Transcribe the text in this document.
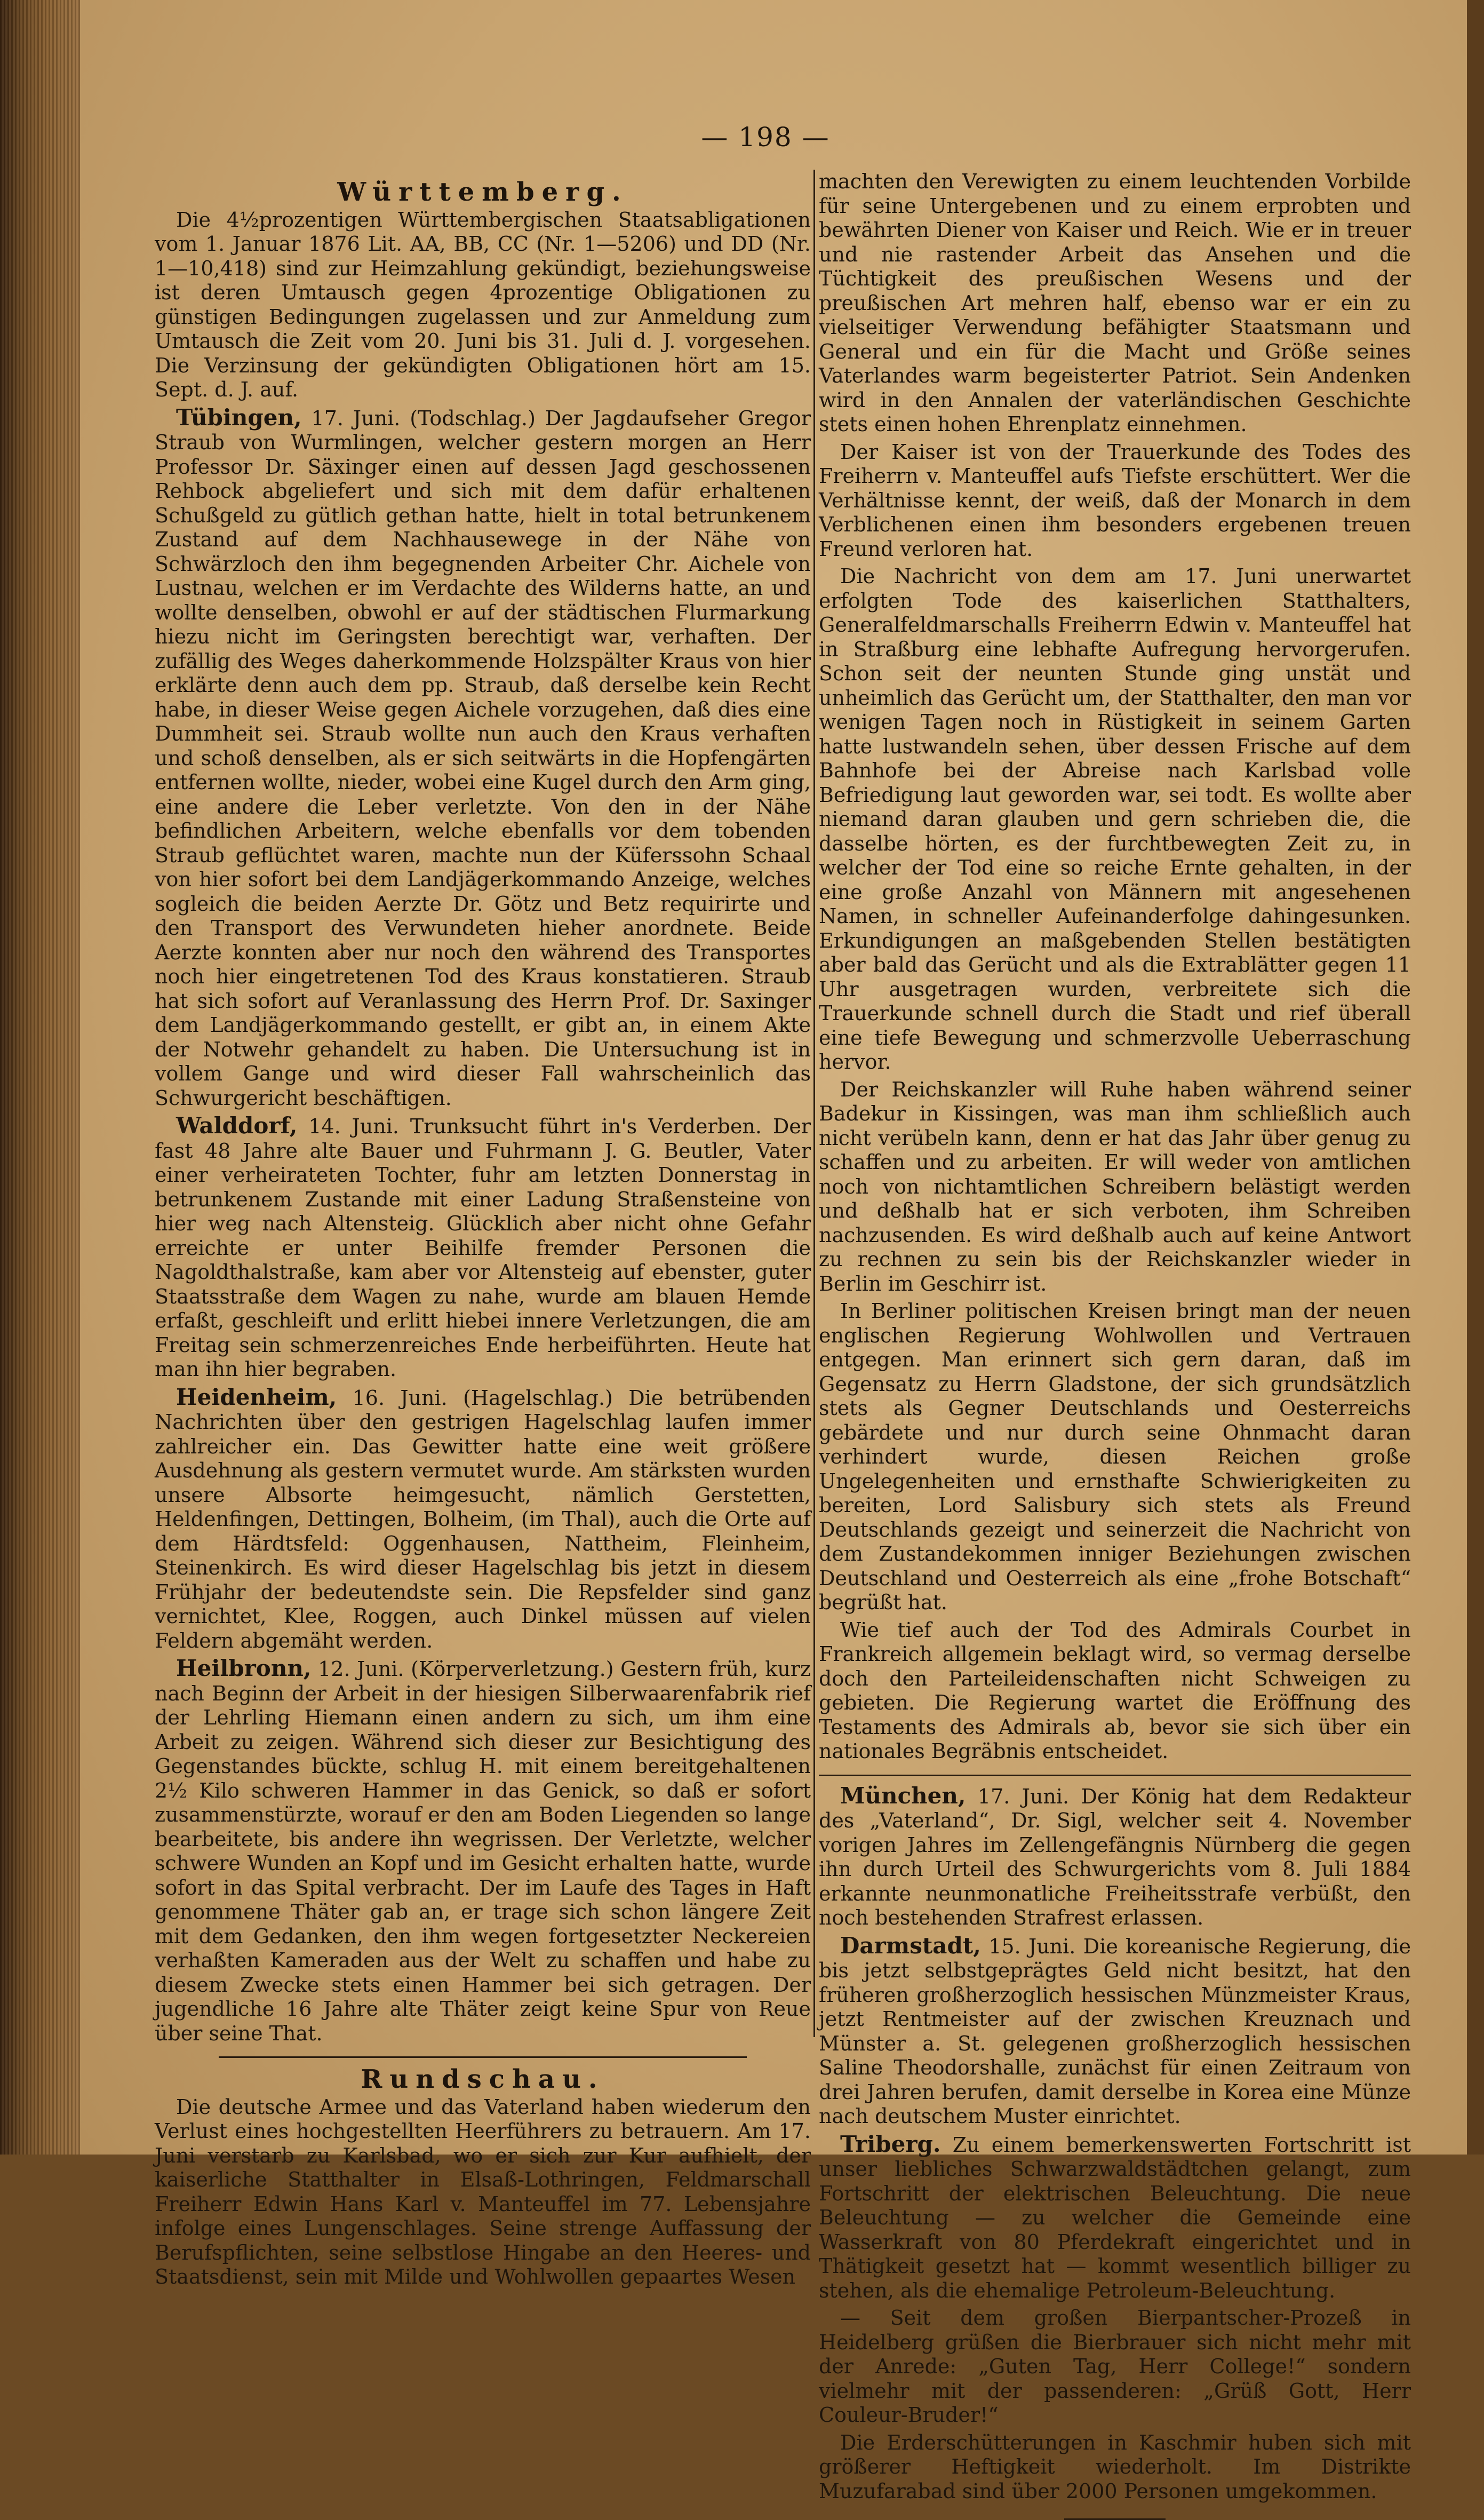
— 198 —
Württemberg.

Die 4½prozentigen Württembergischen Staatsabligationen vom 1. Januar 1876 Lit. AA, BB, CC (Nr. 1—5206) und DD (Nr. 1—10,418) sind zur Heimzahlung gekündigt, beziehungsweise ist deren Umtausch gegen 4prozentige Obligationen zu günstigen Bedingungen zugelassen und zur Anmeldung zum Umtausch die Zeit vom 20. Juni bis 31. Juli d. J. vorgesehen. Die Verzinsung der gekündigten Obligationen hört am 15. Sept. d. J. auf.

Tübingen, 17. Juni. (Todschlag.) Der Jagdaufseher Gregor Straub von Wurmlingen, welcher gestern morgen an Herr Professor Dr. Säxinger einen auf dessen Jagd geschossenen Rehbock abgeliefert und sich mit dem dafür erhaltenen Schußgeld zu gütlich gethan hatte, hielt in total betrunkenem Zustand auf dem Nachhausewege in der Nähe von Schwärzloch den ihm begegnenden Arbeiter Chr. Aichele von Lustnau, welchen er im Verdachte des Wilderns hatte, an und wollte denselben, obwohl er auf der städtischen Flurmarkung hiezu nicht im Geringsten berechtigt war, verhaften. Der zufällig des Weges daherkommende Holzspälter Kraus von hier erklärte denn auch dem pp. Straub, daß derselbe kein Recht habe, in dieser Weise gegen Aichele vorzugehen, daß dies eine Dummheit sei. Straub wollte nun auch den Kraus verhaften und schoß denselben, als er sich seitwärts in die Hopfengärten entfernen wollte, nieder, wobei eine Kugel durch den Arm ging, eine andere die Leber verletzte. Von den in der Nähe befindlichen Arbeitern, welche ebenfalls vor dem tobenden Straub geflüchtet waren, machte nun der Küferssohn Schaal von hier sofort bei dem Landjägerkommando Anzeige, welches sogleich die beiden Aerzte Dr. Götz und Betz requirirte und den Transport des Verwundeten hieher anordnete. Beide Aerzte konnten aber nur noch den während des Transportes noch hier eingetretenen Tod des Kraus konstatieren. Straub hat sich sofort auf Veranlassung des Herrn Prof. Dr. Saxinger dem Landjägerkommando gestellt, er gibt an, in einem Akte der Notwehr gehandelt zu haben. Die Untersuchung ist in vollem Gange und wird dieser Fall wahrscheinlich das Schwurgericht beschäftigen.

Walddorf, 14. Juni. Trunksucht führt in's Verderben. Der fast 48 Jahre alte Bauer und Fuhrmann J. G. Beutler, Vater einer verheirateten Tochter, fuhr am letzten Donnerstag in betrunkenem Zustande mit einer Ladung Straßensteine von hier weg nach Altensteig. Glücklich aber nicht ohne Gefahr erreichte er unter Beihilfe fremder Personen die Nagoldthalstraße, kam aber vor Altensteig auf ebenster, guter Staatsstraße dem Wagen zu nahe, wurde am blauen Hemde erfaßt, geschleift und erlitt hiebei innere Verletzungen, die am Freitag sein schmerzenreiches Ende herbeiführten. Heute hat man ihn hier begraben.

Heidenheim, 16. Juni. (Hagelschlag.) Die betrübenden Nachrichten über den gestrigen Hagelschlag laufen immer zahlreicher ein. Das Gewitter hatte eine weit größere Ausdehnung als gestern vermutet wurde. Am stärksten wurden unsere Albsorte heimgesucht, nämlich Gerstetten, Heldenfingen, Dettingen, Bolheim, (im Thal), auch die Orte auf dem Härdtsfeld: Oggenhausen, Nattheim, Fleinheim, Steinenkirch. Es wird dieser Hagelschlag bis jetzt in diesem Frühjahr der bedeutendste sein. Die Repsfelder sind ganz vernichtet, Klee, Roggen, auch Dinkel müssen auf vielen Feldern abgemäht werden.

Heilbronn, 12. Juni. (Körperverletzung.) Gestern früh, kurz nach Beginn der Arbeit in der hiesigen Silberwaarenfabrik rief der Lehrling Hiemann einen andern zu sich, um ihm eine Arbeit zu zeigen. Während sich dieser zur Besichtigung des Gegenstandes bückte, schlug H. mit einem bereitgehaltenen 2½ Kilo schweren Hammer in das Genick, so daß er sofort zusammenstürzte, worauf er den am Boden Liegenden so lange bearbeitete, bis andere ihn wegrissen. Der Verletzte, welcher schwere Wunden an Kopf und im Gesicht erhalten hatte, wurde sofort in das Spital verbracht. Der im Laufe des Tages in Haft genommene Thäter gab an, er trage sich schon längere Zeit mit dem Gedanken, den ihm wegen fortgesetzter Neckereien verhaßten Kameraden aus der Welt zu schaffen und habe zu diesem Zwecke stets einen Hammer bei sich getragen. Der jugendliche 16 Jahre alte Thäter zeigt keine Spur von Reue über seine That.

Rundschau.

Die deutsche Armee und das Vaterland haben wiederum den Verlust eines hochgestellten Heerführers zu betrauern. Am 17. Juni verstarb zu Karlsbad, wo er sich zur Kur aufhielt, der kaiserliche Statthalter in Elsaß-Lothringen, Feldmarschall Freiherr Edwin Hans Karl v. Manteuffel im 77. Lebensjahre infolge eines Lungenschlages. Seine strenge Auffassung der Berufspflichten, seine selbstlose Hingabe an den Heeres- und Staatsdienst, sein mit Milde und Wohlwollen gepaartes Wesen

machten den Verewigten zu einem leuchtenden Vorbilde für seine Untergebenen und zu einem erprobten und bewährten Diener von Kaiser und Reich. Wie er in treuer und nie rastender Arbeit das Ansehen und die Tüchtigkeit des preußischen Wesens und der preußischen Art mehren half, ebenso war er ein zu vielseitiger Verwendung befähigter Staatsmann und General und ein für die Macht und Größe seines Vaterlandes warm begeisterter Patriot. Sein Andenken wird in den Annalen der vaterländischen Geschichte stets einen hohen Ehrenplatz einnehmen.

Der Kaiser ist von der Trauerkunde des Todes des Freiherrn v. Manteuffel aufs Tiefste erschüttert. Wer die Verhältnisse kennt, der weiß, daß der Monarch in dem Verblichenen einen ihm besonders ergebenen treuen Freund verloren hat.

Die Nachricht von dem am 17. Juni unerwartet erfolgten Tode des kaiserlichen Statthalters, Generalfeldmarschalls Freiherrn Edwin v. Manteuffel hat in Straßburg eine lebhafte Aufregung hervorgerufen. Schon seit der neunten Stunde ging unstät und unheimlich das Gerücht um, der Statthalter, den man vor wenigen Tagen noch in Rüstigkeit in seinem Garten hatte lustwandeln sehen, über dessen Frische auf dem Bahnhofe bei der Abreise nach Karlsbad volle Befriedigung laut geworden war, sei todt. Es wollte aber niemand daran glauben und gern schrieben die, die dasselbe hörten, es der furchtbewegten Zeit zu, in welcher der Tod eine so reiche Ernte gehalten, in der eine große Anzahl von Männern mit angesehenen Namen, in schneller Aufeinanderfolge dahingesunken. Erkundigungen an maßgebenden Stellen bestätigten aber bald das Gerücht und als die Extrablätter gegen 11 Uhr ausgetragen wurden, verbreitete sich die Trauerkunde schnell durch die Stadt und rief überall eine tiefe Bewegung und schmerzvolle Ueberraschung hervor.

Der Reichskanzler will Ruhe haben während seiner Badekur in Kissingen, was man ihm schließlich auch nicht verübeln kann, denn er hat das Jahr über genug zu schaffen und zu arbeiten. Er will weder von amtlichen noch von nichtamtlichen Schreibern belästigt werden und deßhalb hat er sich verboten, ihm Schreiben nachzusenden. Es wird deßhalb auch auf keine Antwort zu rechnen zu sein bis der Reichskanzler wieder in Berlin im Geschirr ist.

In Berliner politischen Kreisen bringt man der neuen englischen Regierung Wohlwollen und Vertrauen entgegen. Man erinnert sich gern daran, daß im Gegensatz zu Herrn Gladstone, der sich grundsätzlich stets als Gegner Deutschlands und Oesterreichs gebärdete und nur durch seine Ohnmacht daran verhindert wurde, diesen Reichen große Ungelegenheiten und ernsthafte Schwierigkeiten zu bereiten, Lord Salisbury sich stets als Freund Deutschlands gezeigt und seinerzeit die Nachricht von dem Zustandekommen inniger Beziehungen zwischen Deutschland und Oesterreich als eine „frohe Botschaft“ begrüßt hat.

Wie tief auch der Tod des Admirals Courbet in Frankreich allgemein beklagt wird, so vermag derselbe doch den Parteileidenschaften nicht Schweigen zu gebieten. Die Regierung wartet die Eröffnung des Testaments des Admirals ab, bevor sie sich über ein nationales Begräbnis entscheidet.

München, 17. Juni. Der König hat dem Redakteur des „Vaterland“, Dr. Sigl, welcher seit 4. November vorigen Jahres im Zellengefängnis Nürnberg die gegen ihn durch Urteil des Schwurgerichts vom 8. Juli 1884 erkannte neunmonatliche Freiheitsstrafe verbüßt, den noch bestehenden Strafrest erlassen.

Darmstadt, 15. Juni. Die koreanische Regierung, die bis jetzt selbstgeprägtes Geld nicht besitzt, hat den früheren großherzoglich hessischen Münzmeister Kraus, jetzt Rentmeister auf der zwischen Kreuznach und Münster a. St. gelegenen großherzoglich hessischen Saline Theodorshalle, zunächst für einen Zeitraum von drei Jahren berufen, damit derselbe in Korea eine Münze nach deutschem Muster einrichtet.

Triberg. Zu einem bemerkenswerten Fortschritt ist unser liebliches Schwarzwaldstädtchen gelangt, zum Fortschritt der elektrischen Beleuchtung. Die neue Beleuchtung — zu welcher die Gemeinde eine Wasserkraft von 80 Pferdekraft eingerichtet und in Thätigkeit gesetzt hat — kommt wesentlich billiger zu stehen, als die ehemalige Petroleum-Beleuchtung.

— Seit dem großen Bierpantscher-Prozeß in Heidelberg grüßen die Bierbrauer sich nicht mehr mit der Anrede: „Guten Tag, Herr College!“ sondern vielmehr mit der passenderen: „Grüß Gott, Herr Couleur-Bruder!“

Die Erderschütterungen in Kaschmir huben sich mit größerer Heftigkeit wiederholt. Im Distrikte Muzufarabad sind über 2000 Personen umgekommen.
